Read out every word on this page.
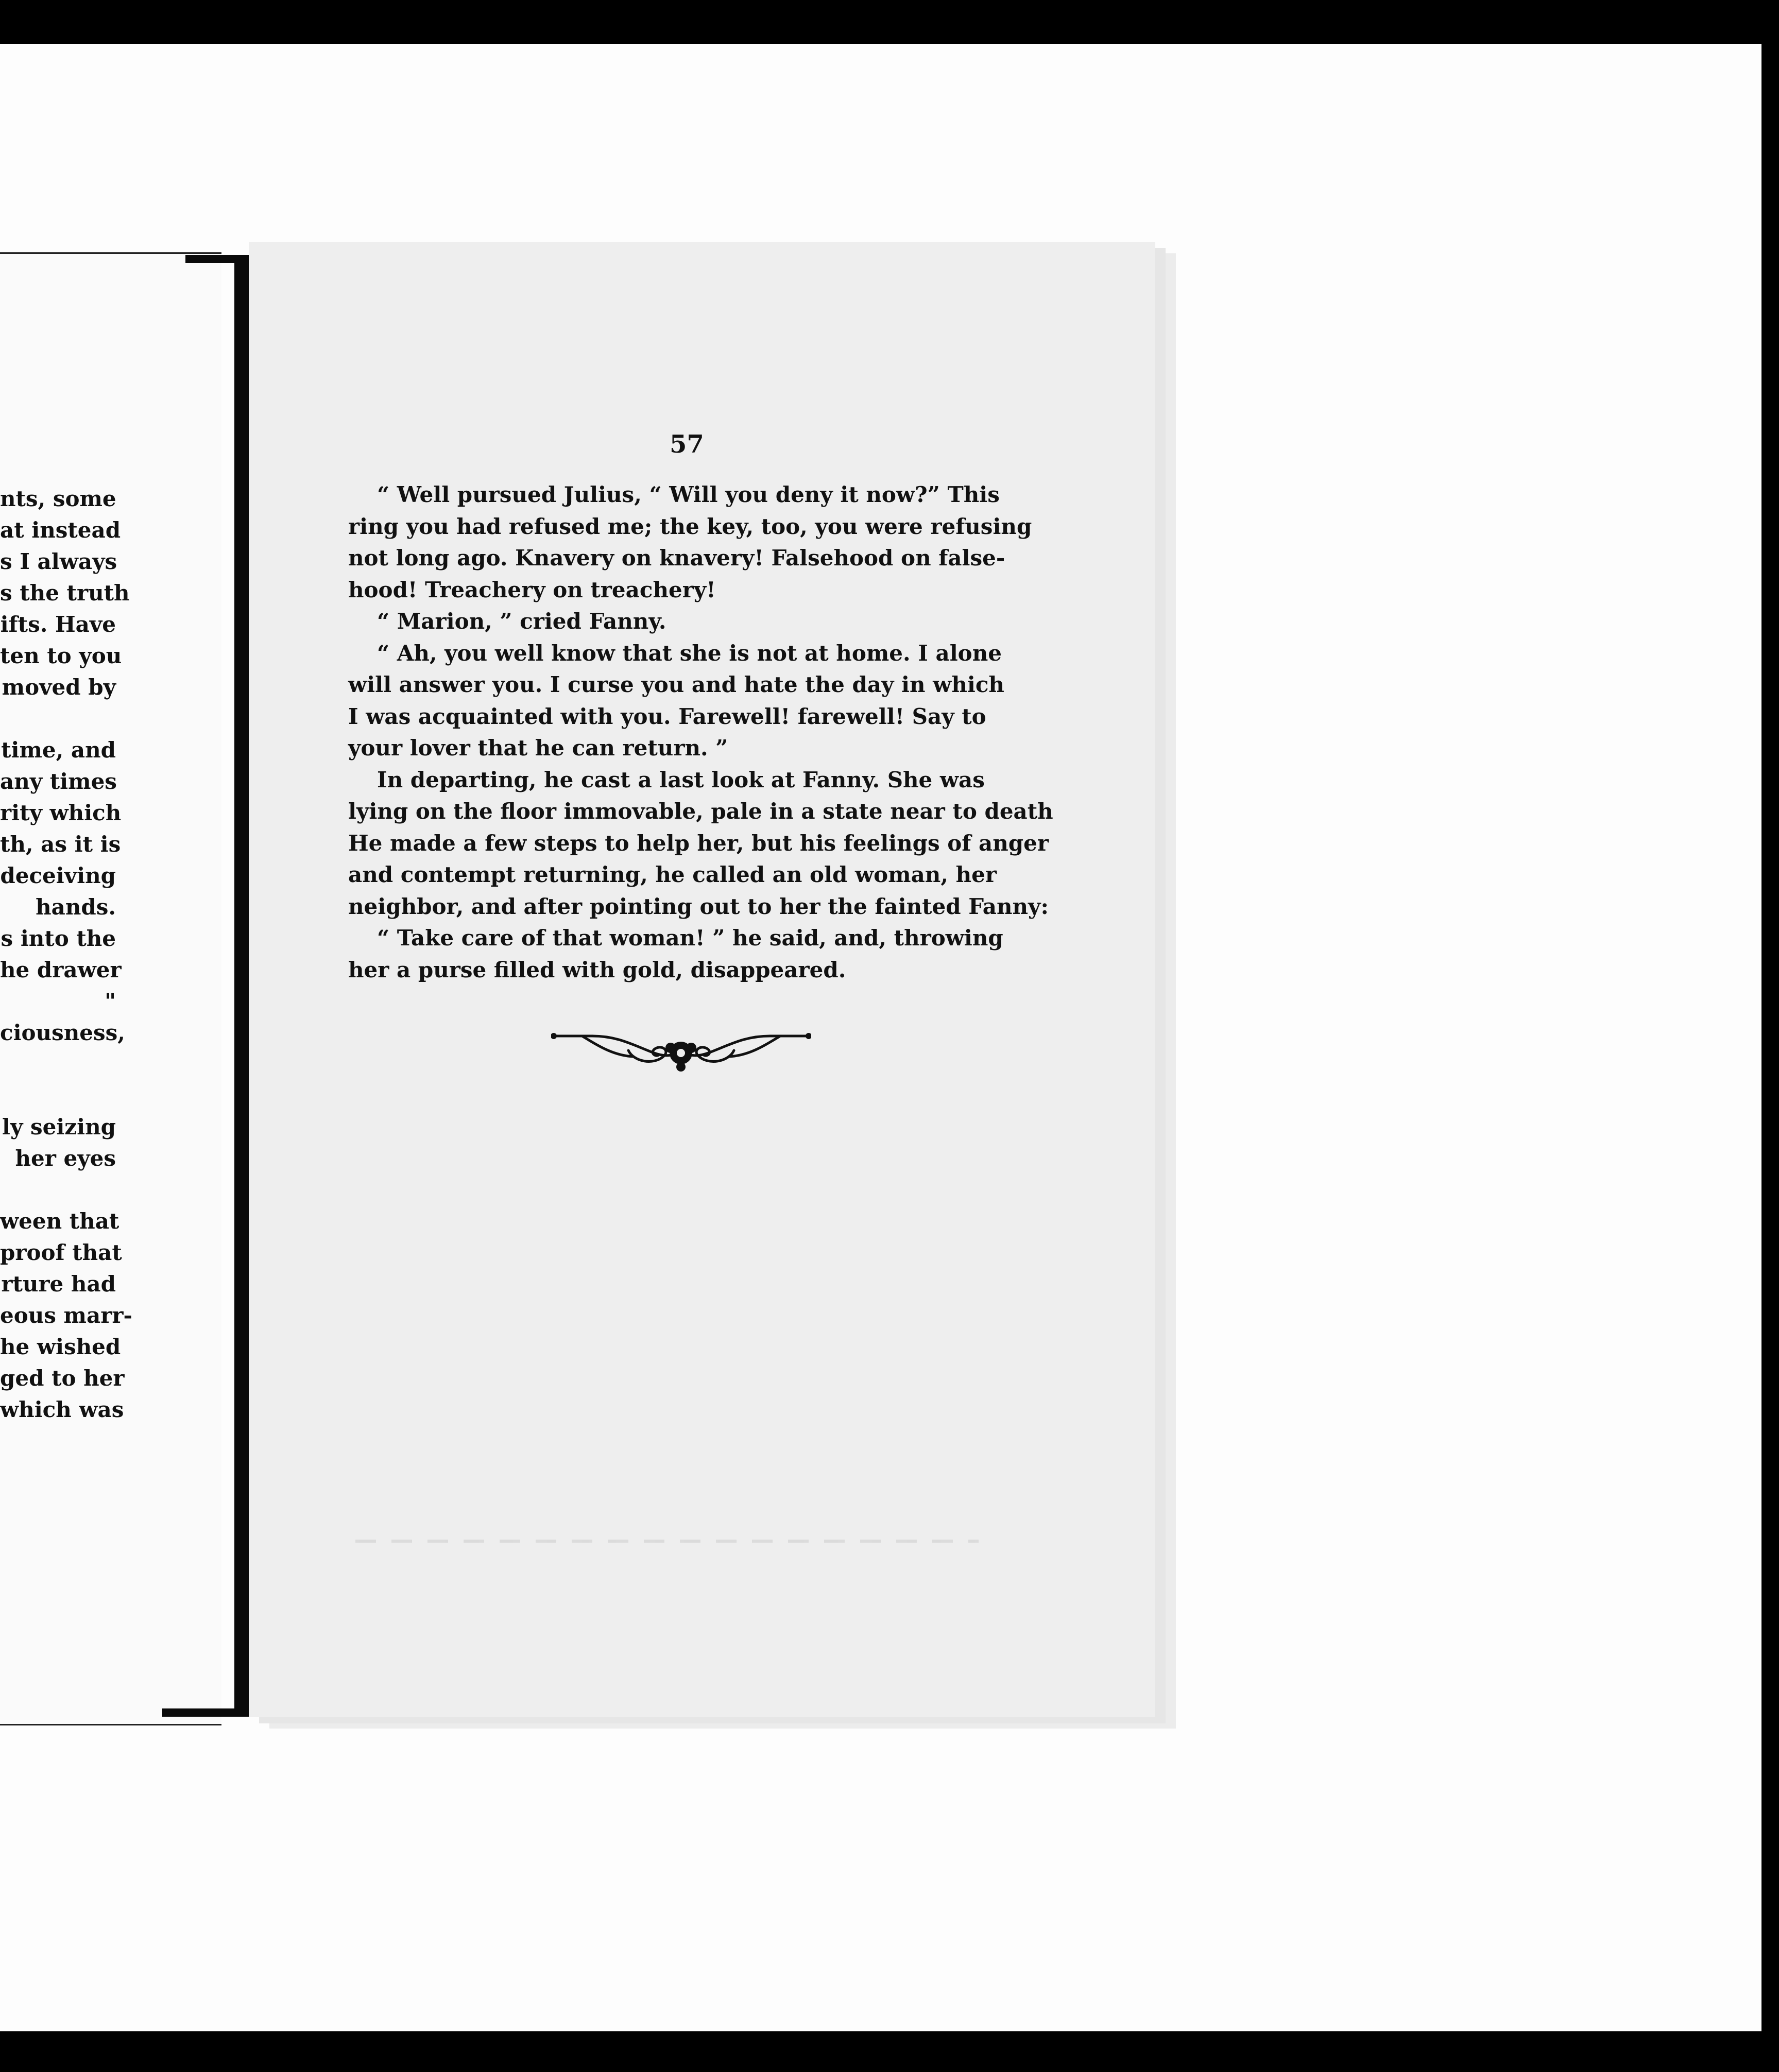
nts, some
at instead
s I always
s the truth
ifts. Have
ten to you
moved by

time, and
any times
rity which
th, as it is
deceiving
hands.
s into the
he drawer
"
ciousness,

ly seizing
her eyes

ween that
proof that
rture had
eous marr-
he wished
ged to her
which was
57
“ Well pursued Julius, “ Will you deny it now?” This
ring you had refused me; the key, too, you were refusing
not long ago. Knavery on knavery! Falsehood on false-
hood! Treachery on treachery!
“ Marion, ” cried Fanny.
“ Ah, you well know that she is not at home. I alone
will answer you. I curse you and hate the day in which
I was acquainted with you. Farewell! farewell! Say to
your lover that he can return. ”
In departing, he cast a last look at Fanny. She was
lying on the floor immovable, pale in a state near to death
He made a few steps to help her, but his feelings of anger
and contempt returning, he called an old woman, her
neighbor, and after pointing out to her the fainted Fanny:
“ Take care of that woman! ” he said, and, throwing
her a purse filled with gold, disappeared.
